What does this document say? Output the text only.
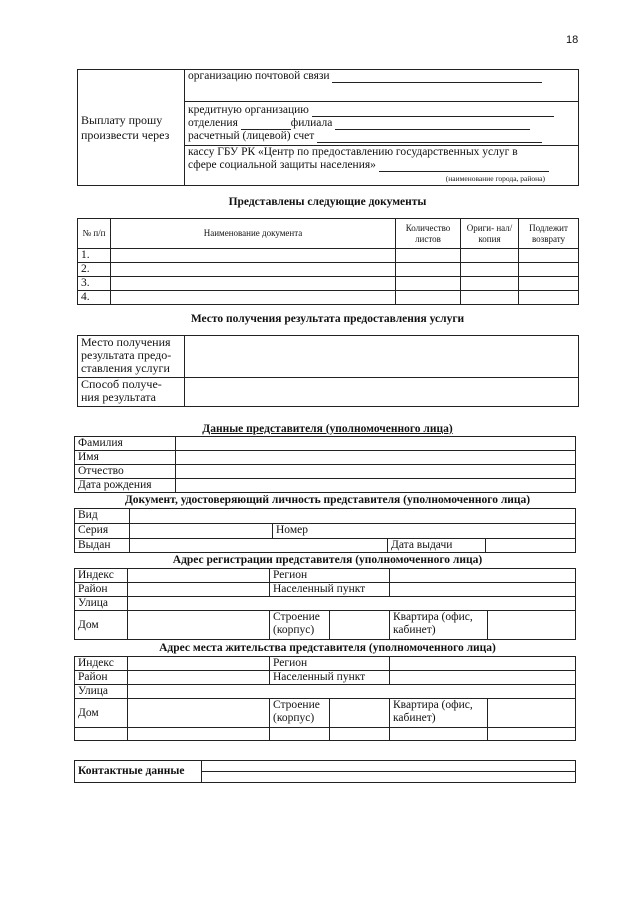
18
Выплату прошу произвести через	организацию почтовой связи

кредитную организацию
отделения	филиала
расчетный (лицевой) счет

кассу ГБУ РК «Центр по предоставлению государственных услуг в
сфере социальной защиты населения»
(наименование города, района)
Представлены следующие документы
№ п/п	Наименование документа	Количество листов	Ориги- нал/копия	Подлежит возврату
1.				
2.				
3.				
4.				
Место получения результата предоставления услуги
Место получения результата предо- ставления услуги	
Способ получе- ния результата	
Данные представителя (уполномоченного лица)
Фамилия	
Имя	
Отчество	
Дата рождения	
Документ, удостоверяющий личность представителя (уполномоченного лица)
Вид				
Серия		Номер		
Выдан			Дата выдачи	
Адрес регистрации представителя (уполномоченного лица)
Индекс		Регион			
Район		Населенный пункт			
Улица					
Дом		Строение (корпус)		Квартира (офис, кабинет)	
Адрес места жительства представителя (уполномоченного лица)
Индекс		Регион			
Район		Населенный пункт			
Улица					
Дом		Строение (корпус)		Квартира (офис, кабинет)	

Контактные данные	
